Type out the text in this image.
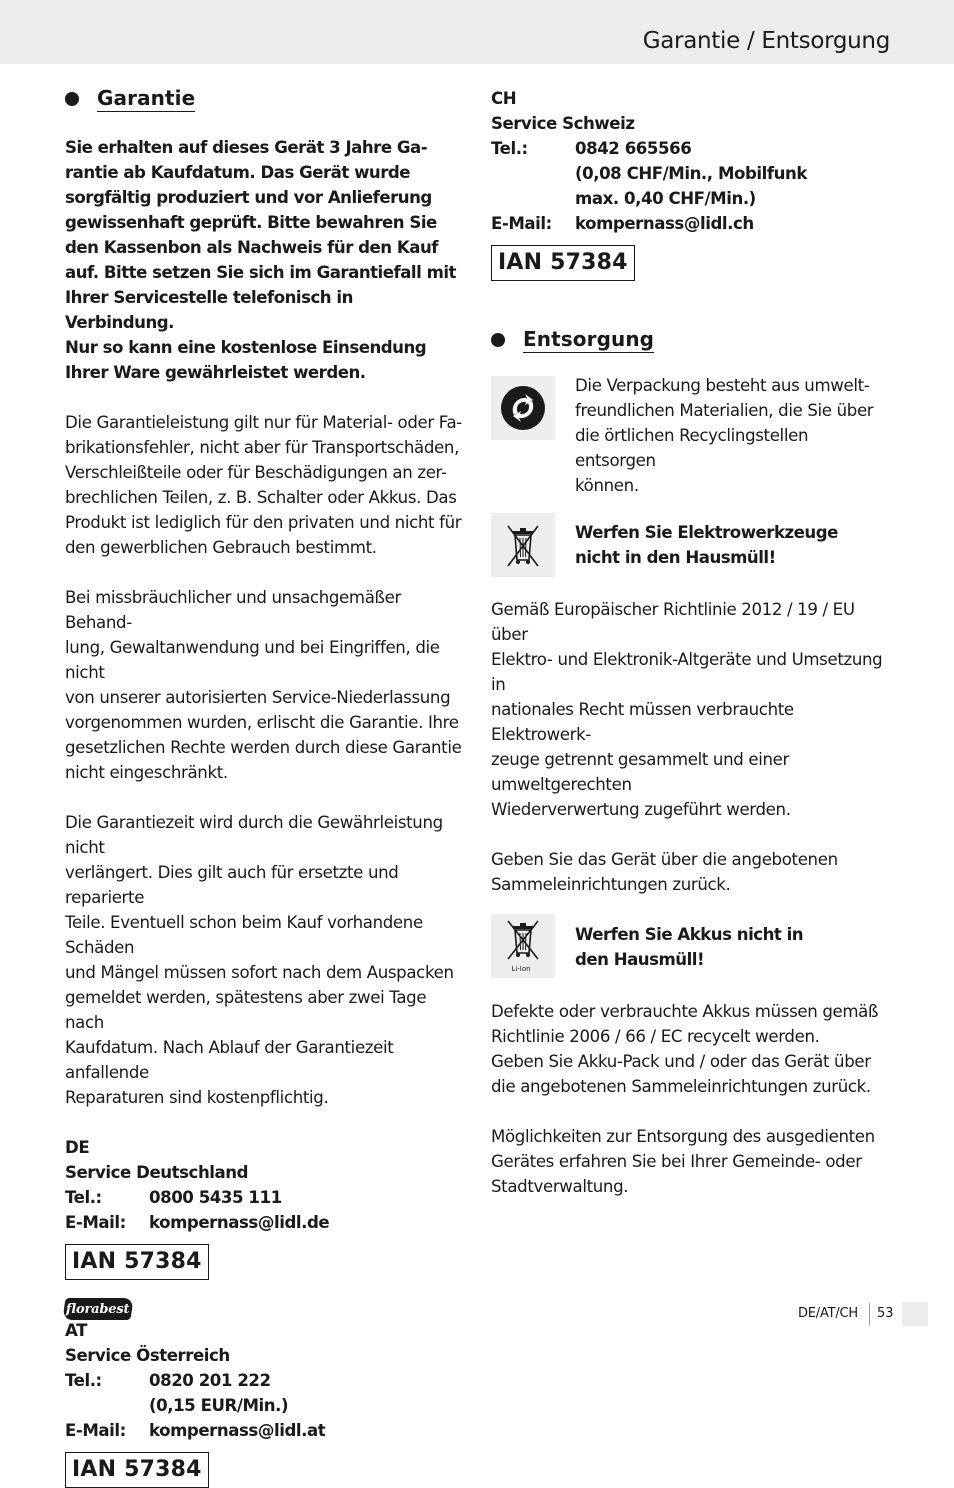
Garantie / Entsorgung
Garantie
Sie erhalten auf dieses Gerät 3 Jahre Ga-
rantie ab Kaufdatum. Das Gerät wurde
sorgfältig produziert und vor Anlieferung
gewissenhaft geprüft. Bitte bewahren Sie
den Kassenbon als Nachweis für den Kauf
auf. Bitte setzen Sie sich im Garantiefall mit
Ihrer Servicestelle telefonisch in Verbindung.
Nur so kann eine kostenlose Einsendung
Ihrer Ware gewährleistet werden.
Die Garantieleistung gilt nur für Material- oder Fa-
brikationsfehler, nicht aber für Transportschäden,
Verschleißteile oder für Beschädigungen an zer-
brechlichen Teilen, z. B. Schalter oder Akkus. Das
Produkt ist lediglich für den privaten und nicht für
den gewerblichen Gebrauch bestimmt.
Bei missbräuchlicher und unsachgemäßer Behand-
lung, Gewaltanwendung und bei Eingriffen, die nicht
von unserer autorisierten Service-Niederlassung
vorgenommen wurden, erlischt die Garantie. Ihre
gesetzlichen Rechte werden durch diese Garantie
nicht eingeschränkt.
Die Garantiezeit wird durch die Gewährleistung nicht
verlängert. Dies gilt auch für ersetzte und reparierte
Teile. Eventuell schon beim Kauf vorhandene Schäden
und Mängel müssen sofort nach dem Auspacken
gemeldet werden, spätestens aber zwei Tage nach
Kaufdatum. Nach Ablauf der Garantiezeit anfallende
Reparaturen sind kostenpflichtig.
DE
Service Deutschland
Tel.:	0800 5435 111
E-Mail:	kompernass@lidl.de
IAN 57384
AT
Service Österreich
Tel.:	0820 201 222
(0,15 EUR/Min.)
E-Mail:	kompernass@lidl.at
IAN 57384
CH
Service Schweiz
Tel.:	0842 665566
(0,08 CHF/Min., Mobilfunk
max. 0,40 CHF/Min.)
E-Mail:	kompernass@lidl.ch
IAN 57384
Entsorgung
Die Verpackung besteht aus umwelt-
freundlichen Materialien, die Sie über
die örtlichen Recyclingstellen entsorgen
können.
Werfen Sie Elektrowerkzeuge
nicht in den Hausmüll!
Gemäß Europäischer Richtlinie 2012 / 19 / EU über
Elektro- und Elektronik-Altgeräte und Umsetzung in
nationales Recht müssen verbrauchte Elektrowerk-
zeuge getrennt gesammelt und einer umweltgerechten
Wiederverwertung zugeführt werden.
Geben Sie das Gerät über die angebotenen
Sammeleinrichtungen zurück.
Li-Ion
Werfen Sie Akkus nicht in
den Hausmüll!
Defekte oder verbrauchte Akkus müssen gemäß
Richtlinie 2006 / 66 / EC recycelt werden.
Geben Sie Akku-Pack und / oder das Gerät über
die angebotenen Sammeleinrichtungen zurück.
Möglichkeiten zur Entsorgung des ausgedienten
Gerätes erfahren Sie bei Ihrer Gemeinde- oder
Stadtverwaltung.
florabest	DE/AT/CH 53
